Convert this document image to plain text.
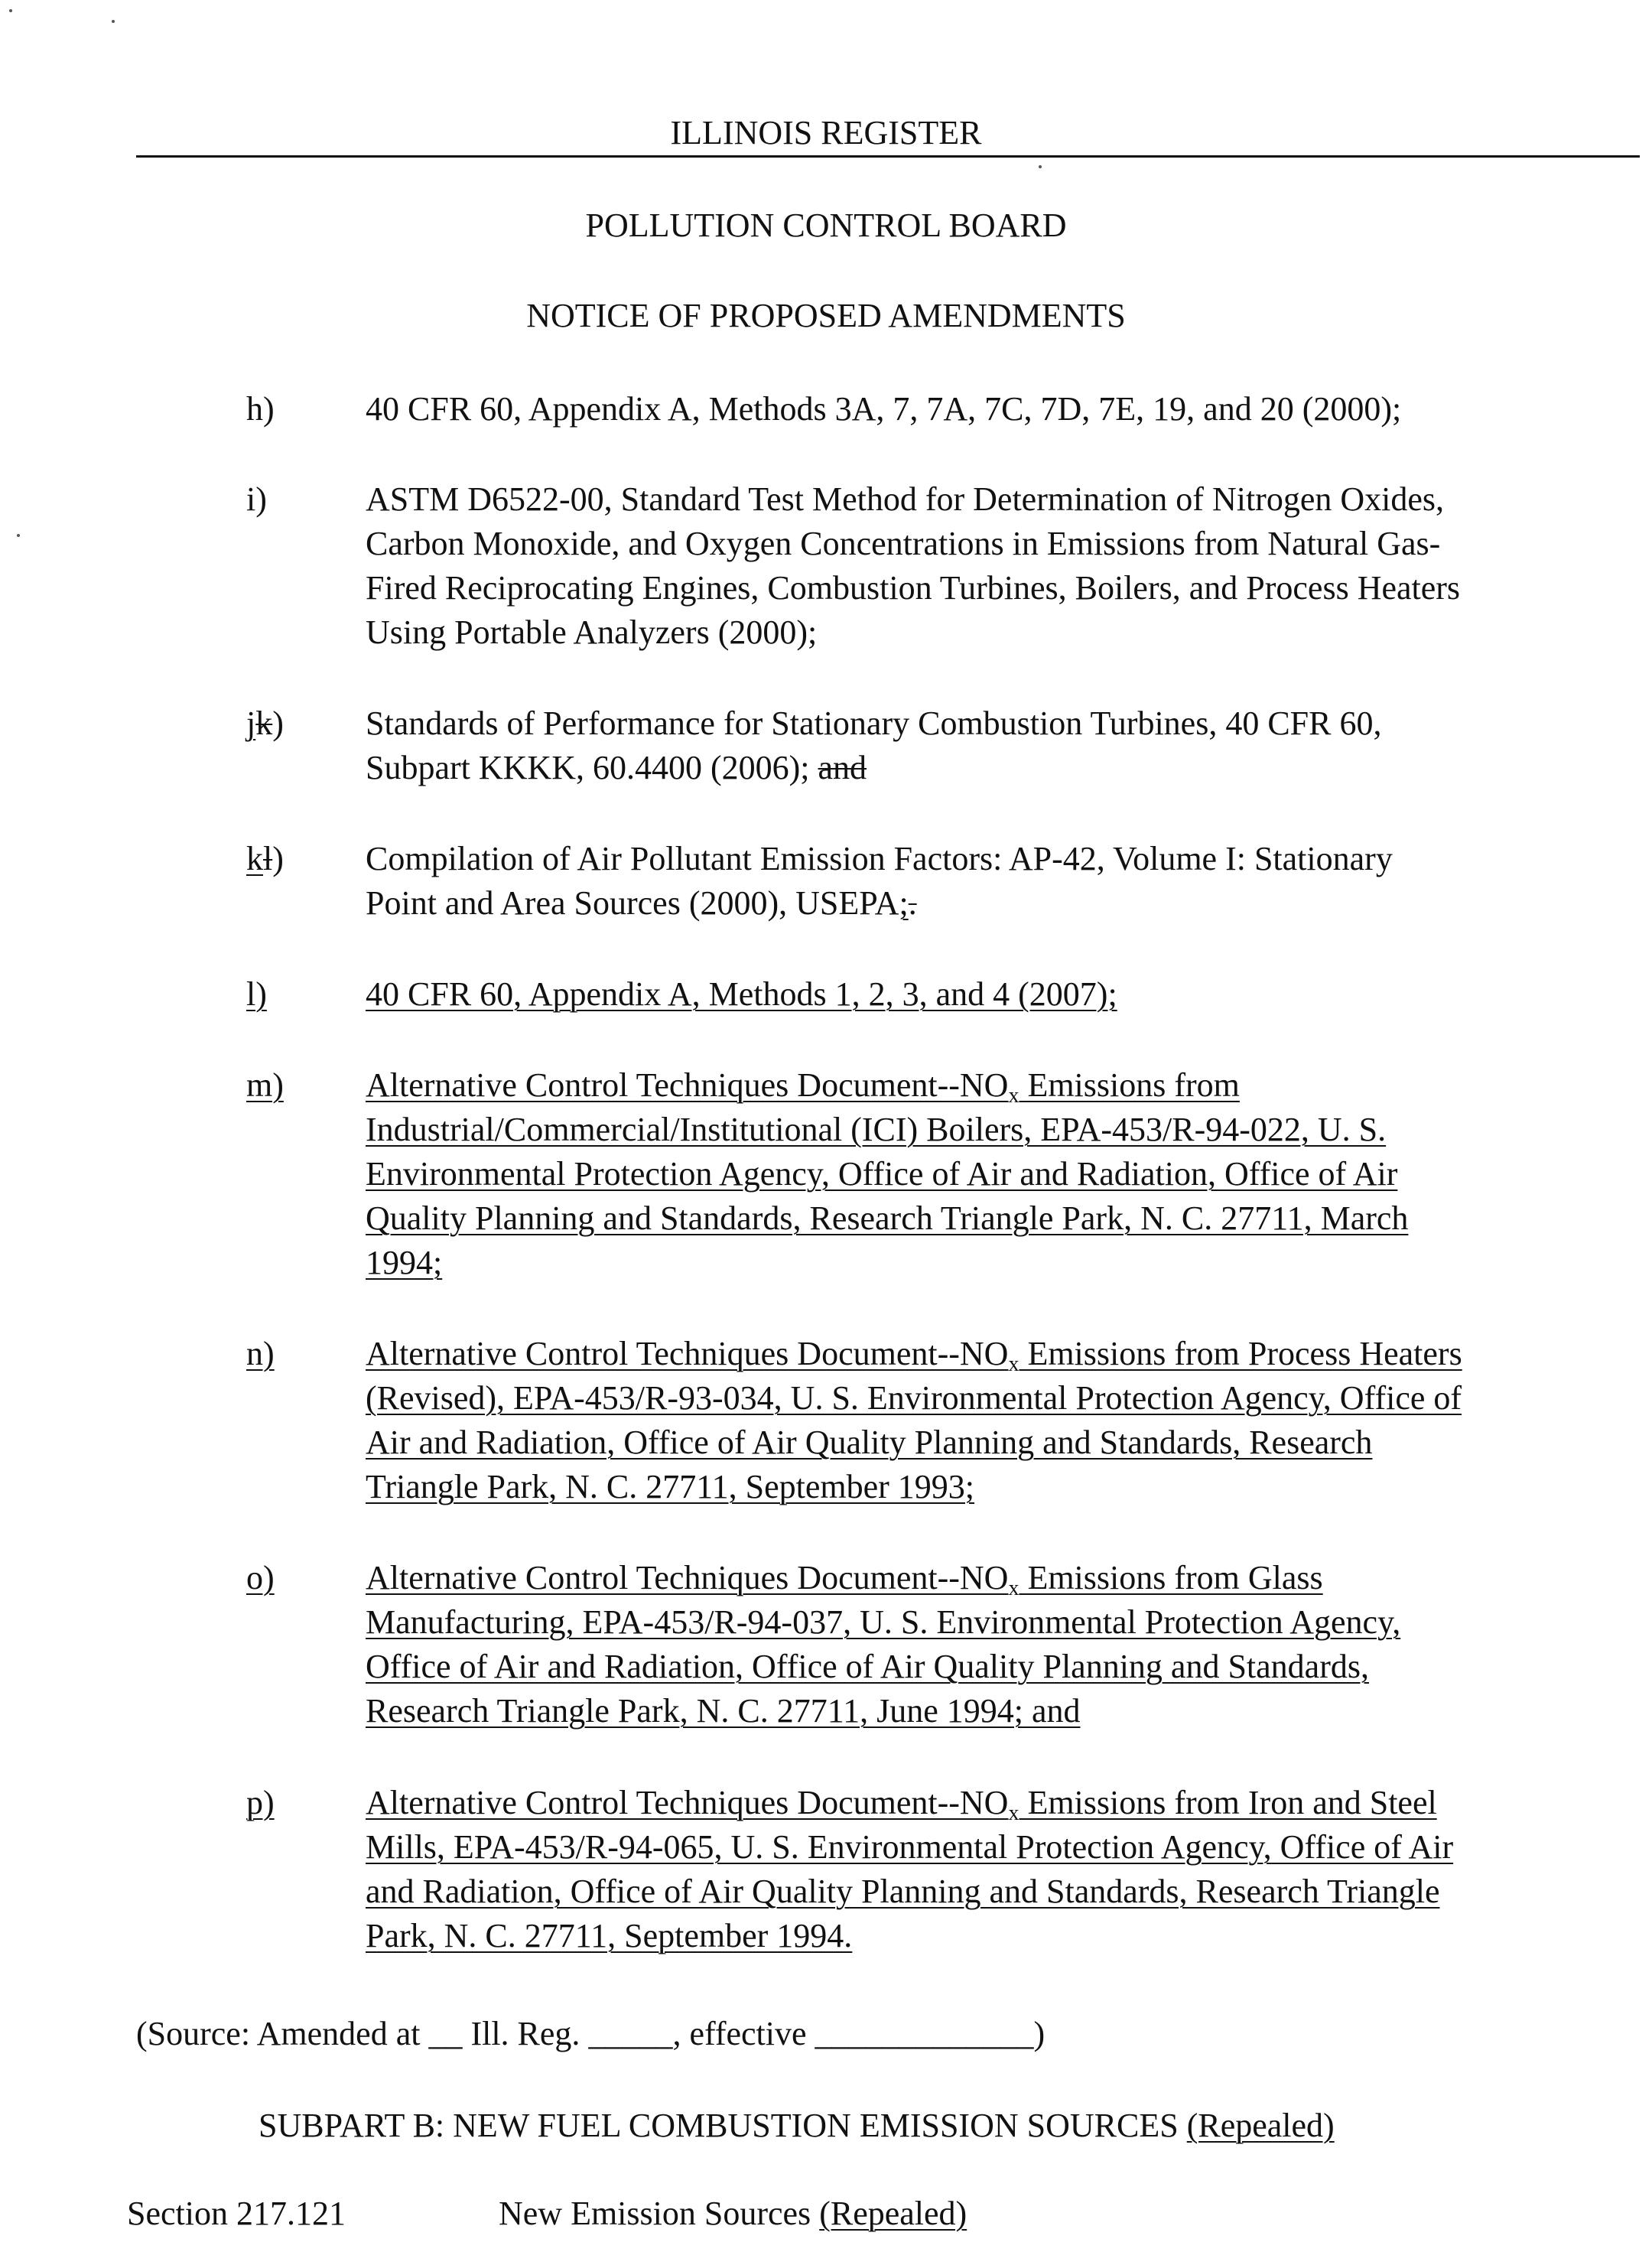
ILLINOIS REGISTER

POLLUTION CONTROL BOARD

NOTICE OF PROPOSED AMENDMENTS

h)	40 CFR 60, Appendix A, Methods 3A, 7, 7A, 7C, 7D, 7E, 19, and 20 (2000);
i)	ASTM D6522-00, Standard Test Method for Determination of Nitrogen Oxides,
Carbon Monoxide, and Oxygen Concentrations in Emissions from Natural Gas-
Fired Reciprocating Engines, Combustion Turbines, Boilers, and Process Heaters
Using Portable Analyzers (2000);
jk) Standards of Performance for Stationary Combustion Turbines, 40 CFR 60,
Subpart KKKK, 60.4400 (2006); and
kl) Compilation of Air Pollutant Emission Factors: AP-42, Volume I: Stationary
Point and Area Sources (2000), USEPA;.
l)	40 CFR 60, Appendix A, Methods 1, 2, 3, and 4 (2007);
m) Alternative Control Techniques Document-$-NO_x$ Emissions from
Industrial/Commercial/Institutional (ICI) Boilers, EPA-453/R-94-022, U. S.
Environmental Protection Agency, Office of Air and Radiation, Office of Air
Quality Planning and Standards, Research Triangle Park, N. C. 27711, March
1994;
n)	Alternative Control Techniques Document-$-NO_x$ Emissions from Process Heaters
(Revised), EPA-453/R-93-034, U. S. Environmental Protection Agency, Office of
Air and Radiation, Office of Air Quality Planning and Standards, Research
Triangle Park, N. C. 27711, September 1993;
o)	Alternative Control Techniques Document-$-NO_x$ Emissions from Glass
Manufacturing, EPA-453/R-94-037, U. S. Environmental Protection Agency,
Office of Air and Radiation, Office of Air Quality Planning and Standards,
Research Triangle Park, N. C. 27711, June 1994; and
p)	Alternative Control Techniques Document-$-NO_x$ Emissions from Iron and Steel
Mills, EPA-453/R-94-065, U. S. Environmental Protection Agency, Office of Air
and Radiation, Office of Air Quality Planning and Standards, Research Triangle
Park, N. C. 27711, September 1994.
(Source: Amended at __ Ill. Reg. _____, effective _____________)
SUBPART B: NEW FUEL COMBUSTION EMISSION SOURCES (Repealed)
Section 217.121	New Emission Sources (Repealed)
